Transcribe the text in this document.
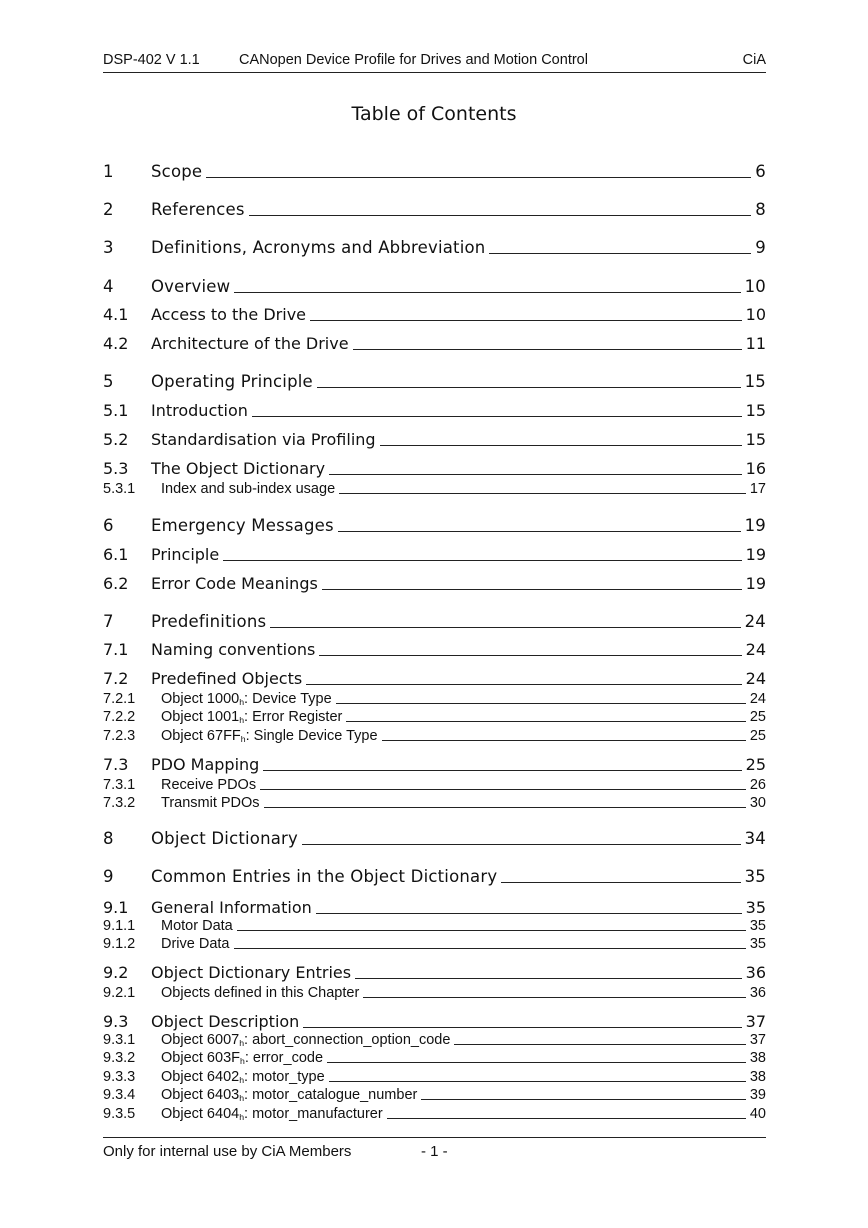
DSP-402 V 1.1	CANopen Device Profile for Drives and Motion Control	CiA
Table of Contents
1	Scope	6
2	References	8
3	Definitions, Acronyms and Abbreviation	9
4	Overview	10
4.1	Access to the Drive	10
4.2	Architecture of the Drive	11
5	Operating Principle	15
5.1	Introduction	15
5.2	Standardisation via Profiling	15
5.3	The Object Dictionary	16
5.3.1	Index and sub-index usage	17
6	Emergency Messages	19
6.1	Principle	19
6.2	Error Code Meanings	19
7	Predefinitions	24
7.1	Naming conventions	24
7.2	Predefined Objects	24
7.2.1	Object $1000_h$: Device Type	24
7.2.2	Object $1001_h$: Error Register	25
7.2.3	Object $67FF_h$: Single Device Type	25
7.3	PDO Mapping	25
7.3.1	Receive PDOs	26
7.3.2	Transmit PDOs	30
8	Object Dictionary	34
9	Common Entries in the Object Dictionary	35
9.1	General Information	35
9.1.1	Motor Data	35
9.1.2	Drive Data	35
9.2	Object Dictionary Entries	36
9.2.1	Objects defined in this Chapter	36
9.3	Object Description	37
9.3.1	Object $6007_h$: abort_connection_option_code	37
9.3.2	Object $603F_h$: error_code	38
9.3.3	Object $6402_h$: motor_type	38
9.3.4	Object $6403_h$: motor_catalogue_number	39
9.3.5	Object $6404_h$: motor_manufacturer	40
Only for internal use by CiA Members	- 1 -
